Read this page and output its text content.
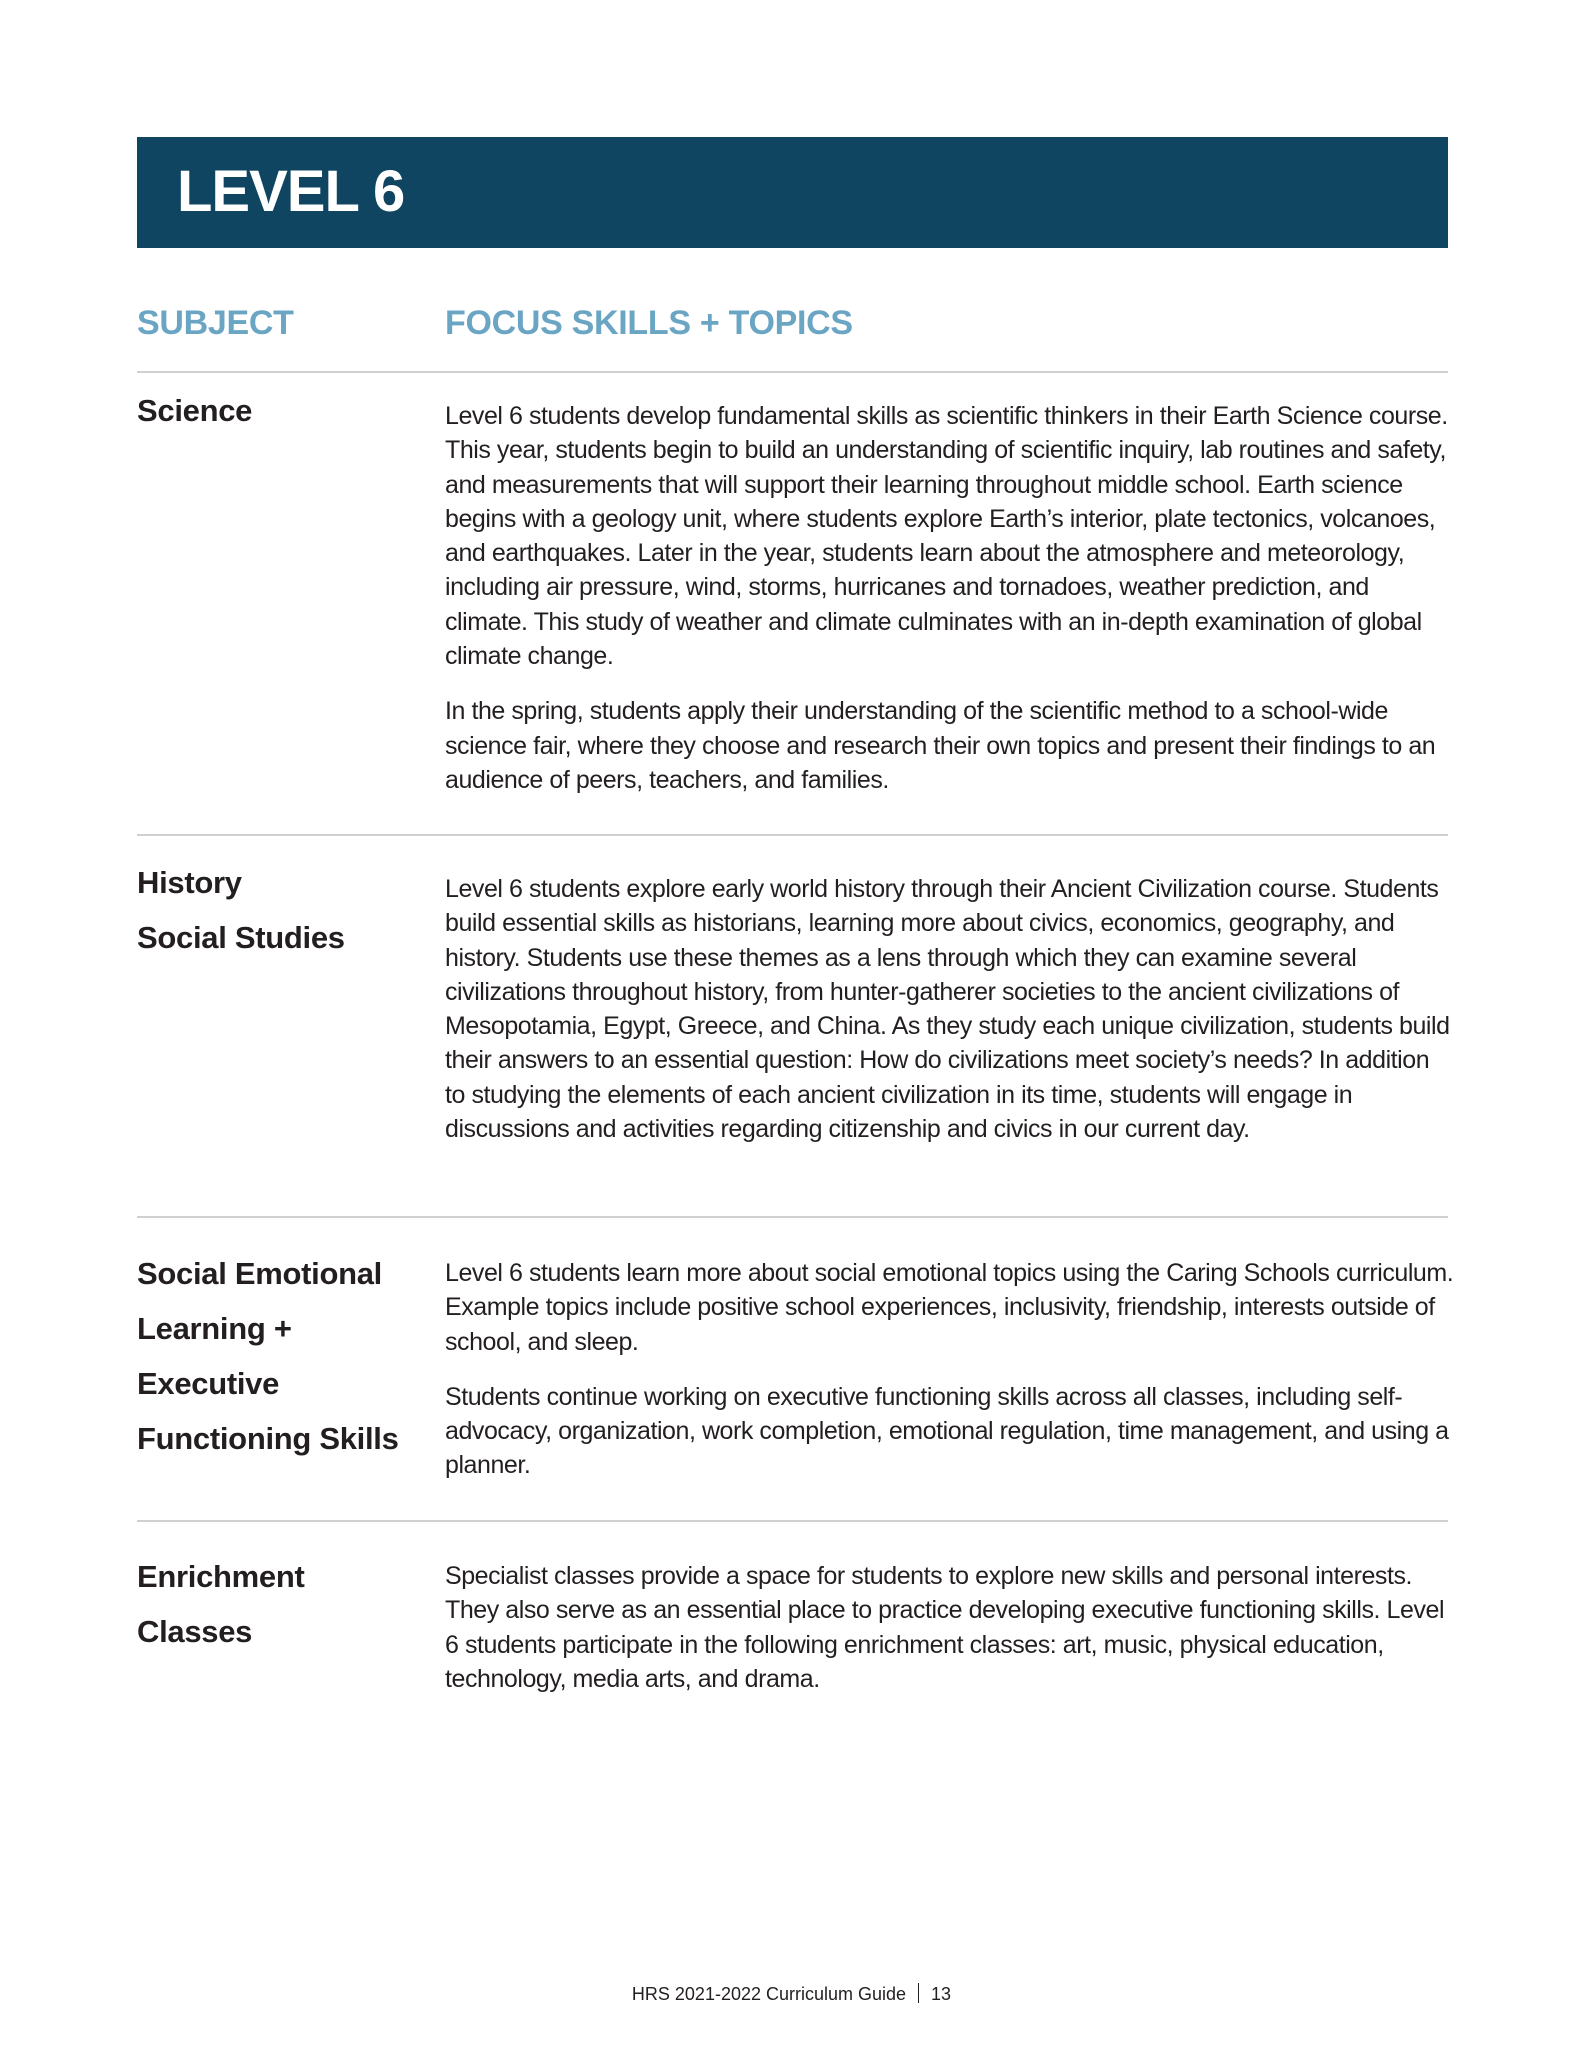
LEVEL 6
SUBJECT	FOCUS SKILLS + TOPICS
Science	Level 6 students develop fundamental skills as scientific thinkers in their Earth Science course. This year, students begin to build an understanding of scientific inquiry, lab routines and safety, and measurements that will support their learning throughout middle school. Earth science begins with a geology unit, where students explore Earth’s interior, plate tectonics, volcanoes, and earthquakes. Later in the year, students learn about the atmosphere and meteorology, including air pressure, wind, storms, hurricanes and tornadoes, weather prediction, and climate. This study of weather and climate culminates with an in-depth examination of global climate change.

In the spring, students apply their understanding of the scientific method to a school-wide science fair, where they choose and research their own topics and present their findings to an audience of peers, teachers, and families.

History
Social Studies

Level 6 students explore early world history through their Ancient Civilization course. Students build essential skills as historians, learning more about civics, economics, geography, and history. Students use these themes as a lens through which they can examine several civilizations throughout history, from hunter-gatherer societies to the ancient civilizations of Mesopotamia, Egypt, Greece, and China. As they study each unique civilization, students build their answers to an essential question: How do civilizations meet society’s needs? In addition to studying the elements of each ancient civilization in its time, students will engage in discussions and activities regarding citizenship and civics in our current day.

Social Emotional
Learning +
Executive
Functioning Skills

Level 6 students learn more about social emotional topics using the Caring Schools curriculum. Example topics include positive school experiences, inclusivity, friendship, interests outside of school, and sleep.

Students continue working on executive functioning skills across all classes, including self-advocacy, organization, work completion, emotional regulation, time management, and using a planner.

Enrichment
Classes

Specialist classes provide a space for students to explore new skills and personal interests. They also serve as an essential place to practice developing executive functioning skills. Level 6 students participate in the following enrichment classes: art, music, physical education, technology, media arts, and drama.

HRS 2021-2022 Curriculum Guide 13
